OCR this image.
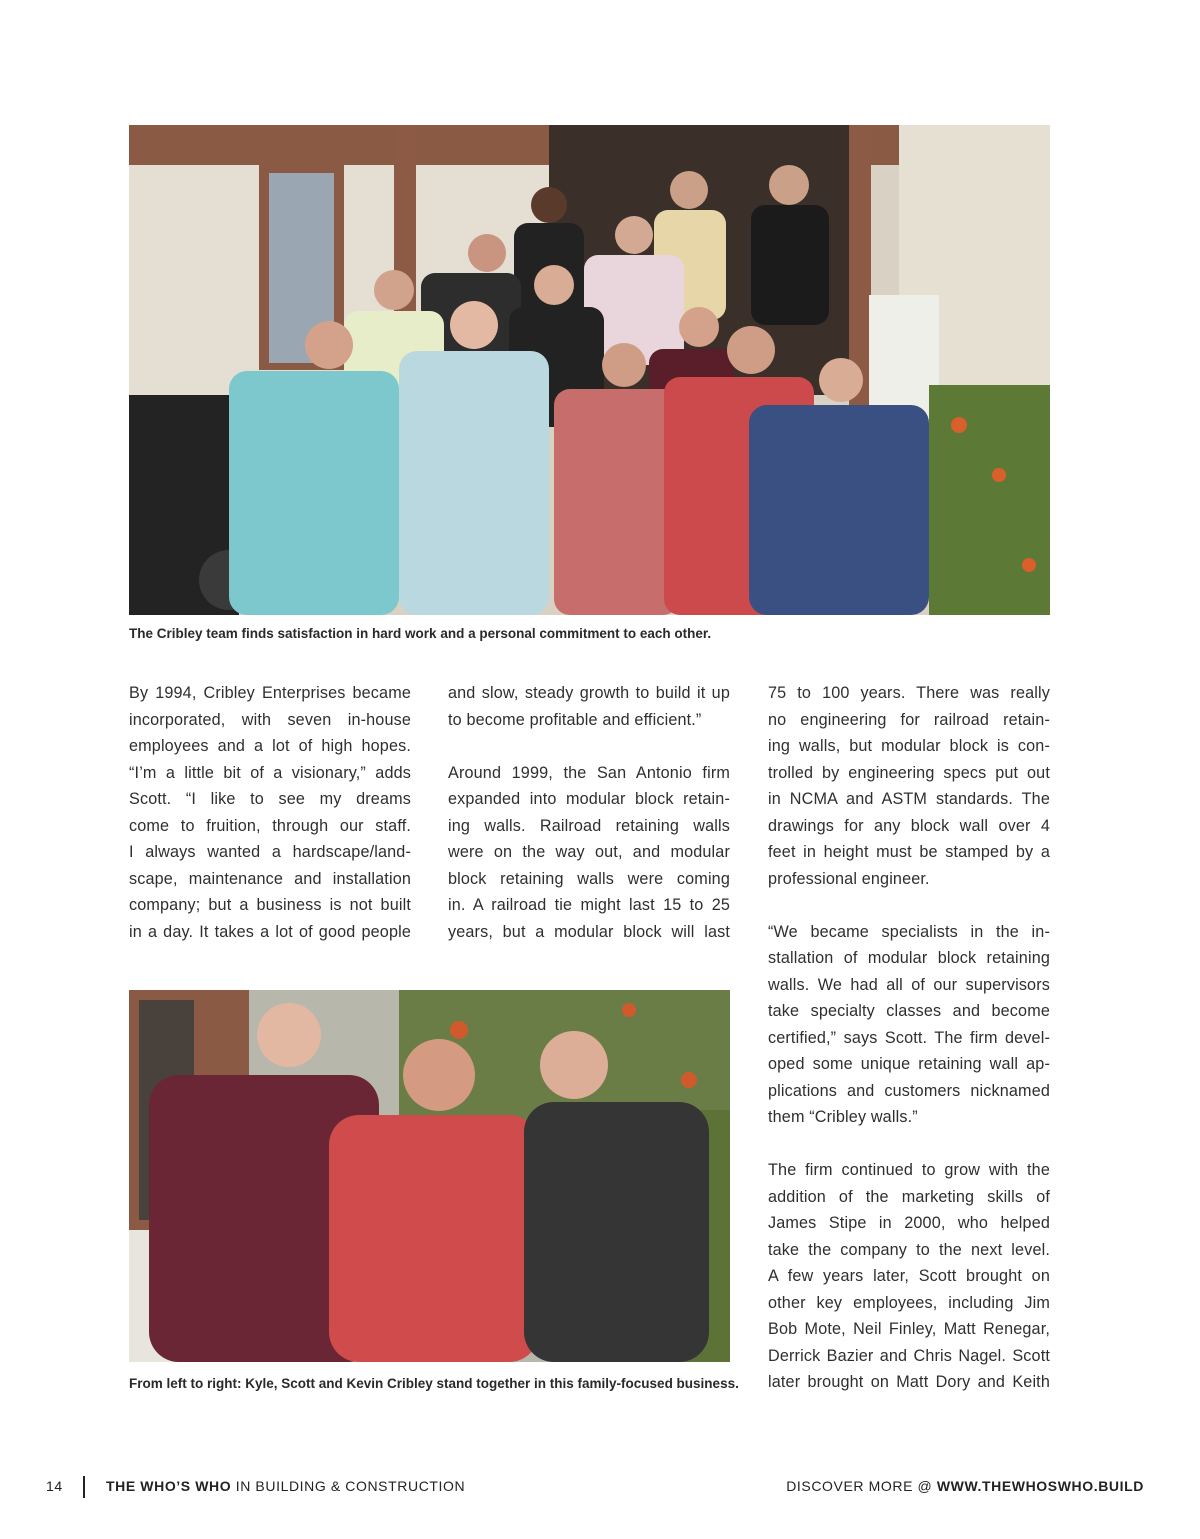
The Cribley team finds satisfaction in hard work and a personal commitment to each other.

By 1994, Cribley Enterprises became

incorporated, with seven in-house

employees and a lot of high hopes.

“I’m a little bit of a visionary,” adds

Scott. “I like to see my dreams

come to fruition, through our staff.

I always wanted a hardscape/land-

scape, maintenance and installation

company; but a business is not built

in a day. It takes a lot of good people

and slow, steady growth to build it up

to become profitable and efficient.”

Around 1999, the San Antonio firm

expanded into modular block retain-

ing walls. Railroad retaining walls

were on the way out, and modular

block retaining walls were coming

in. A railroad tie might last 15 to 25

years, but a modular block will last

75 to 100 years. There was really

no engineering for railroad retain-

ing walls, but modular block is con-

trolled by engineering specs put out

in NCMA and ASTM standards. The

drawings for any block wall over 4

feet in height must be stamped by a

professional engineer.

“We became specialists in the in-

stallation of modular block retaining

walls. We had all of our supervisors

take specialty classes and become

certified,” says Scott. The firm devel-

oped some unique retaining wall ap-

plications and customers nicknamed

them “Cribley walls.”

The firm continued to grow with the

addition of the marketing skills of

James Stipe in 2000, who helped

take the company to the next level.

A few years later, Scott brought on

other key employees, including Jim

Bob Mote, Neil Finley, Matt Renegar,

Derrick Bazier and Chris Nagel. Scott

later brought on Matt Dory and Keith

From left to right: Kyle, Scott and Kevin Cribley stand together in this family-focused business.
14	THE WHO’S WHO IN BUILDING & CONSTRUCTION	DISCOVER MORE @ WWW.THEWHOSWHO.BUILD
